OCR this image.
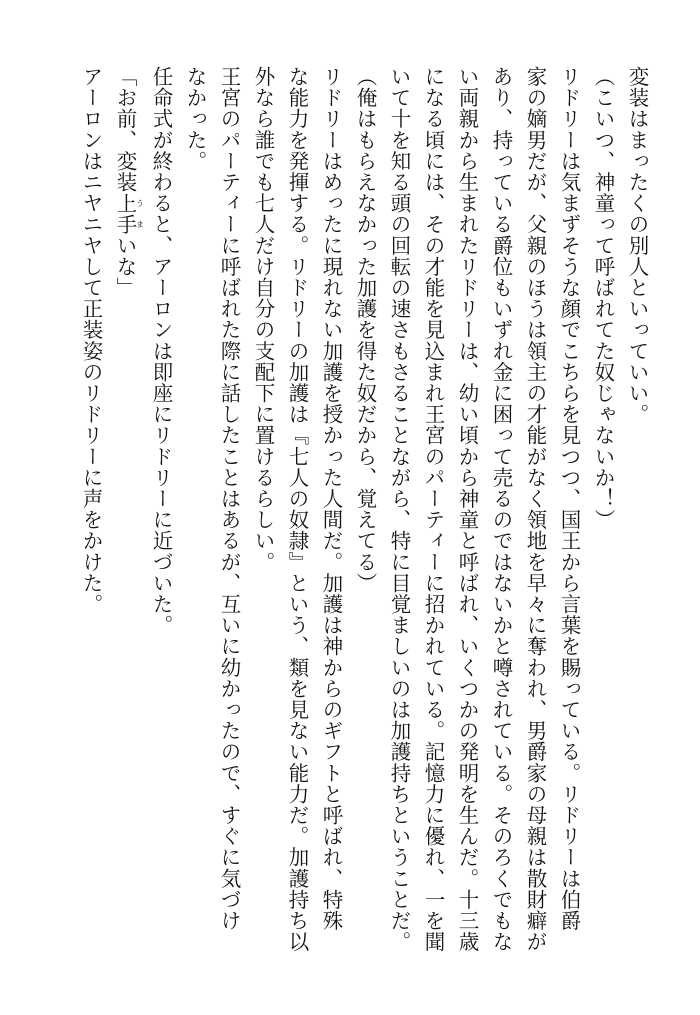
変装はまったくの別人といっていい。
（こいつ、神童って呼ばれてた奴じゃないか！）
リドリーは気まずそうな顔でこちらを見つつ、国王から言葉を賜っている。リドリーは伯爵
家の嫡男だが、父親のほうは領主の才能がなく領地を早々に奪われ、男爵家の母親は散財癖が
あり、持っている爵位もいずれ金に困って売るのではないかと噂されている。そのろくでもな
い両親から生まれたリドリーは、幼い頃から神童と呼ばれ、いくつかの発明を生んだ。十三歳
になる頃には、その才能を見込まれ王宮のパーティーに招かれている。記憶力に優れ、一を聞
いて十を知る頭の回転の速さもさることながら、特に目覚ましいのは加護持ちということだ。
（俺はもらえなかった加護を得た奴だから、覚えてる）
リドリーはめったに現れない加護を授かった人間だ。加護は神からのギフトと呼ばれ、特殊
な能力を発揮する。リドリーの加護は『七人の奴隷』という、類を見ない能力だ。加護持ち以
外なら誰でも七人だけ自分の支配下に置けるらしい。
王宮のパーティーに呼ばれた際に話したことはあるが、互いに幼かったので、すぐに気づけ
なかった。
任命式が終わると、アーロンは即座にリドリーに近づいた。
「お前、変装上手うまいな」
アーロンはニヤニヤして正装姿のリドリーに声をかけた。
